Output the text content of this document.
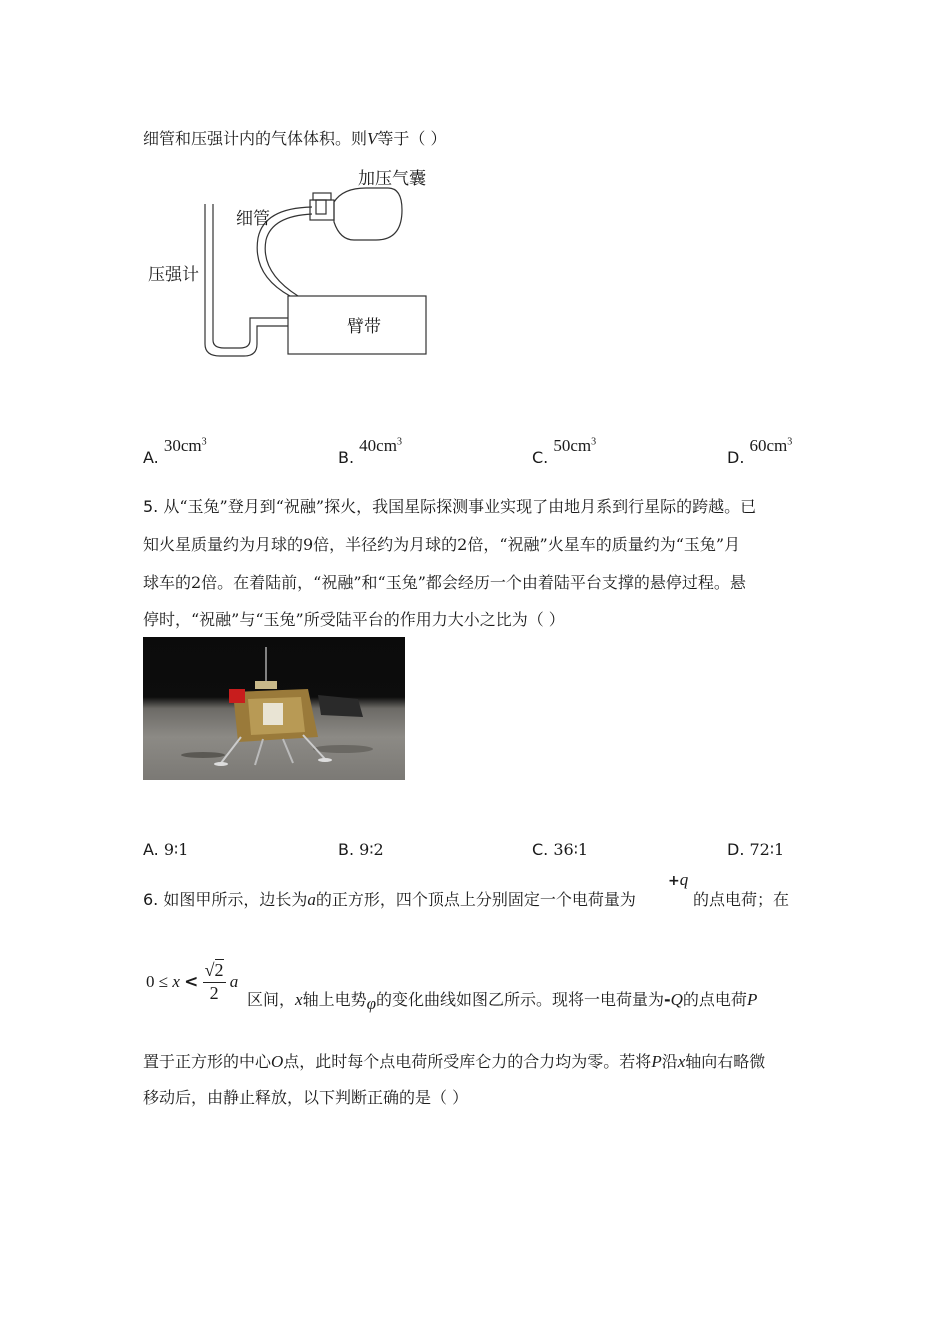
细管和压强计内的气体体积。则V等于（ ）
加压气囊
细管
压强计
臂带
A. $30cm^3$
B. $40cm^3$
C. $50cm^3$
D. $60cm^3$
5. 从“玉兔”登月到“祝融”探火，我国星际探测事业实现了由地月系到行星际的跨越。已
知火星质量约为月球的9倍，半径约为月球的2倍，“祝融”火星车的质量约为“玉兔”月
球车的2倍。在着陆前，“祝融”和“玉兔”都会经历一个由着陆平台支撑的悬停过程。悬
停时，“祝融”与“玉兔”所受陆平台的作用力大小之比为（ ）
A. 9∶1	B. 9∶2	C. 36∶1	D. 72∶1
6. 如图甲所示，边长为a的正方形，四个顶点上分别固定一个电荷量为
+q
的点电荷；在
$0 \le x < \frac{√2}{2}$ a
区间，x轴上电势φ的变化曲线如图乙所示。现将一电荷量为-Q的点电荷P
置于正方形的中心O点，此时每个点电荷所受库仑力的合力均为零。若将P沿x轴向右略微
移动后，由静止释放，以下判断正确的是（ ）
